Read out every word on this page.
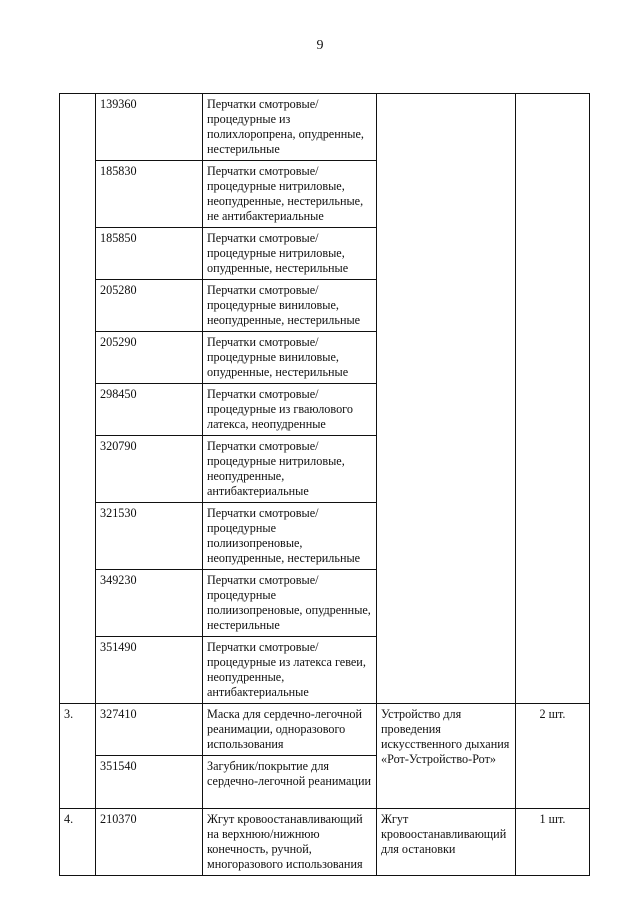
9
	139360	Перчатки смотровые/ процедурные из полихлоропрена, опудренные, нестерильные		
	185830	Перчатки смотровые/ процедурные нитриловые, неопудренные, нестерильные, не антибактериальные		
	185850	Перчатки смотровые/ процедурные нитриловые, опудренные, нестерильные		
	205280	Перчатки смотровые/ процедурные виниловые, неопудренные, нестерильные		
	205290	Перчатки смотровые/ процедурные виниловые, опудренные, нестерильные		
	298450	Перчатки смотровые/ процедурные из гваюлового латекса, неопудренные		
	320790	Перчатки смотровые/ процедурные нитриловые, неопудренные, антибактериальные		
	321530	Перчатки смотровые/ процедурные полиизопреновые, неопудренные, нестерильные		
	349230	Перчатки смотровые/ процедурные полиизопреновые, опудренные, нестерильные		
	351490	Перчатки смотровые/ процедурные из латекса гевеи, неопудренные, антибактериальные		
3.	327410	Маска для сердечно-легочной реанимации, одноразового использования	Устройство для проведения искусственного дыхания «Рот-Устройство-Рот»	2 шт.
	351540	Загубник/покрытие для сердечно-легочной реанимации		
4.	210370	Жгут кровоостанавливающий на верхнюю/нижнюю конечность, ручной, многоразового использования	Жгут кровоостанавливающий для остановки	1 шт.
